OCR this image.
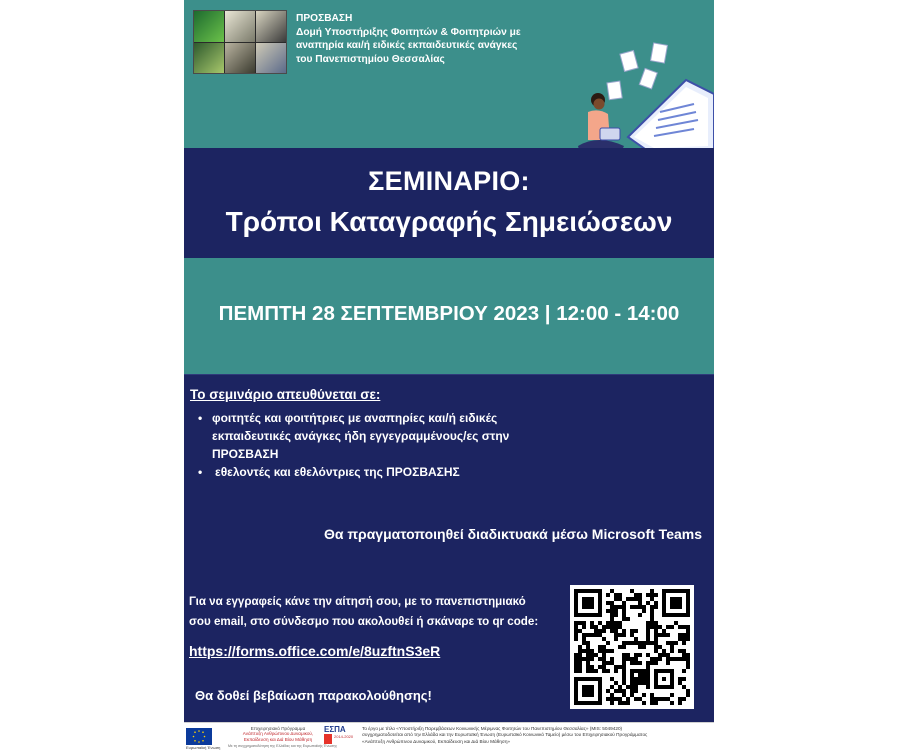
ΠΡΟΣΒΑΣΗ
Δομή Υποστήριξης Φοιτητών & Φοιτητριών με
αναπηρία και/ή ειδικές εκπαιδευτικές ανάγκες
του Πανεπιστημίου Θεσσαλίας
ΣΕΜΙΝΑΡΙΟ:
Τρόποι Καταγραφής Σημειώσεων
ΠΕΜΠΤΗ 28 ΣΕΠΤΕΜΒΡΙΟΥ 2023 | 12:00 - 14:00
Το σεμινάριο απευθύνεται σε:
• φοιτητές και φοιτήτριες με αναπηρίες και/ή ειδικές
εκπαιδευτικές ανάγκες ήδη εγγεγραμμένους/ες στην
ΠΡΟΣΒΑΣΗ
• εθελοντές και εθελόντριες της ΠΡΟΣΒΑΣΗΣ
Θα πραγματοποιηθεί διαδικτυακά μέσω Microsoft Teams
Για να εγγραφείς κάνε την αίτησή σου, με το πανεπιστημιακό
σου email, στο σύνδεσμο που ακολουθεί ή σκάναρε το qr code:
https://forms.office.com/e/8uzftnS3eR
Θα δοθεί βεβαίωση παρακολούθησης!
Ευρωπαϊκή Ένωση
Επιχειρησιακό Πρόγραμμα
Ανάπτυξη Ανθρώπινου Δυναμικού,
Εκπαίδευση και Διά Βίου Μάθηση
Με τη συγχρηματοδότηση της Ελλάδας και της Ευρωπαϊκής Ένωσης
ΕΣΠΑ
2014-2020
Το έργο με τίτλο «Υποστήριξη Παρεμβάσεων Κοινωνικής Μέριμνας Φοιτητών του Πανεπιστημίου Θεσσαλίας» (MIS: 5049420)
συγχρηματοδοτείται από την Ελλάδα και την Ευρωπαϊκή Ένωση (Ευρωπαϊκό Κοινωνικό Ταμείο) μέσω του Επιχειρησιακού Προγράμματος
«Ανάπτυξη Ανθρώπινου Δυναμικού, Εκπαίδευση και Διά Βίου Μάθηση»
